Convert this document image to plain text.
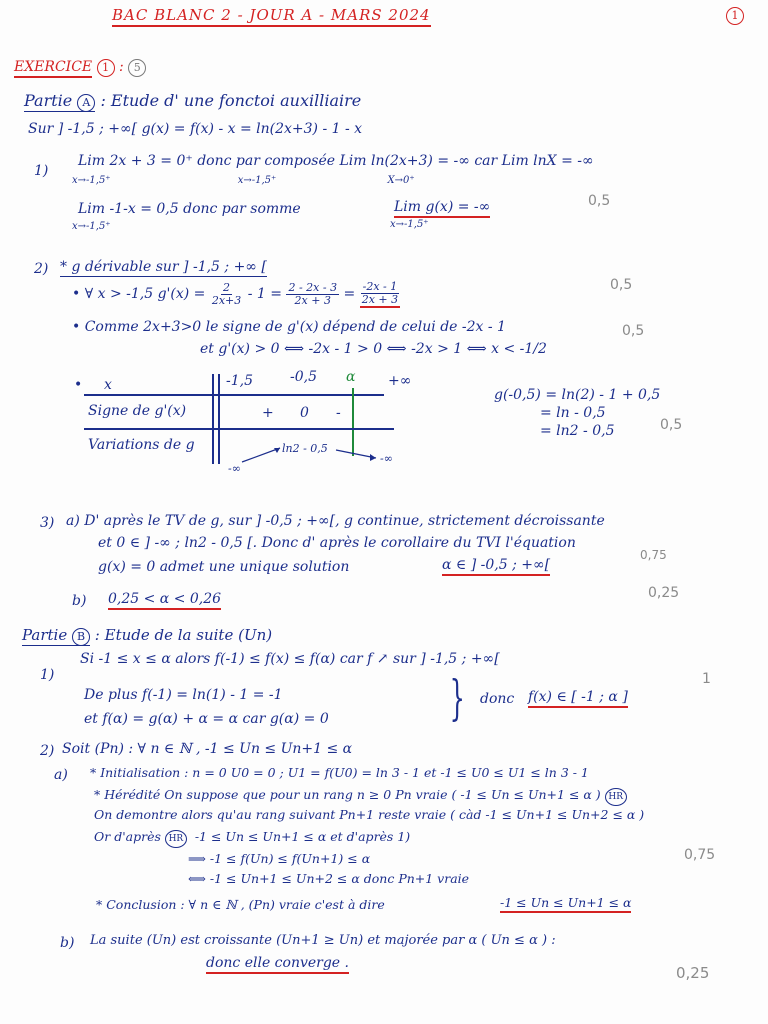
BAC BLANC 2 - JOUR A - MARS 2024	1
EXERCICE 1 : 5
Partie A : Etude d' une fonctoi auxilliaire
Sur ] -1,5 ; +∞[ g(x) = f(x) - x = ln(2x+3) - 1 - x
1)
Lim 2x + 3 = 0⁺ donc par composée Lim ln(2x+3) = -∞ car Lim lnX = -∞
x→-1,5⁺                                        x→-1,5⁺                                   X→0⁺
Lim -1-x = 0,5 donc par somme
x→-1,5⁺
Lim g(x) = -∞
x→-1,5⁺
0,5
2) * g dérivable sur ] -1,5 ; +∞ [
• ∀ x > -1,5 $g'(x) = \frac{2}{2x+3} - 1 = \frac{2 - 2x - 3}{2x + 3} = \frac{-2x - 1}{2x + 3}$	0,5
• Comme 2x+3>0 le signe de g'(x) dépend de celui de -2x - 1
et g'(x) > 0 ⟺ -2x - 1 > 0 ⟺ -2x > 1 ⟺ x < -1/2
0,5
• x	-1,5	-0,5 α +∞
Signe de g'(x)	+ 0 -
Variations de g
-∞
ln2 - 0,5
-∞
g(-0,5) = ln(2) - 1 + 0,5
= ln - 0,5
= ln2 - 0,5	0,5
3) a) D' après le TV de g, sur ] -0,5 ; +∞[, g continue, strictement décroissante
et 0 ∈ ] -∞ ; ln2 - 0,5 [. Donc d' après le corollaire du TVI l'équation
g(x) = 0 admet une unique solution	α ∈ ] -0,5 ; +∞[
0,75
b) 0,25 < α < 0,26	0,25
Partie B : Etude de la suite (Un)
1)
Si -1 ≤ x ≤ α alors f(-1) ≤ f(x) ≤ f(α) car f ↗ sur ] -1,5 ; +∞[
De plus f(-1) = ln(1) - 1 = -1
et f(α) = g(α) + α = α car g(α) = 0	} donc f(x) ∈ [ -1 ; α ]
1
2) Soit (Pn) : ∀ n ∈ ℕ , -1 ≤ Un ≤ Un+1 ≤ α
a) * Initialisation : n = 0 U0 = 0 ; U1 = f(U0) = ln 3 - 1 et -1 ≤ U0 ≤ U1 ≤ ln 3 - 1
* Hérédité On suppose que pour un rang n ≥ 0 Pn vraie ( -1 ≤ Un ≤ Un+1 ≤ α ) HR
On demontre alors qu'au rang suivant Pn+1 reste vraie ( càd -1 ≤ Un+1 ≤ Un+2 ≤ α )
Or d'après HR -1 ≤ Un ≤ Un+1 ≤ α et d'après 1)
⟹ -1 ≤ f(Un) ≤ f(Un+1) ≤ α
⟺ -1 ≤ Un+1 ≤ Un+2 ≤ α donc Pn+1 vraie
0,75
* Conclusion : ∀ n ∈ ℕ , (Pn) vraie c'est à dire	-1 ≤ Un ≤ Un+1 ≤ α
b) La suite (Un) est croissante (Un+1 ≥ Un) et majorée par α ( Un ≤ α ) :
donc elle converge .
0,25
